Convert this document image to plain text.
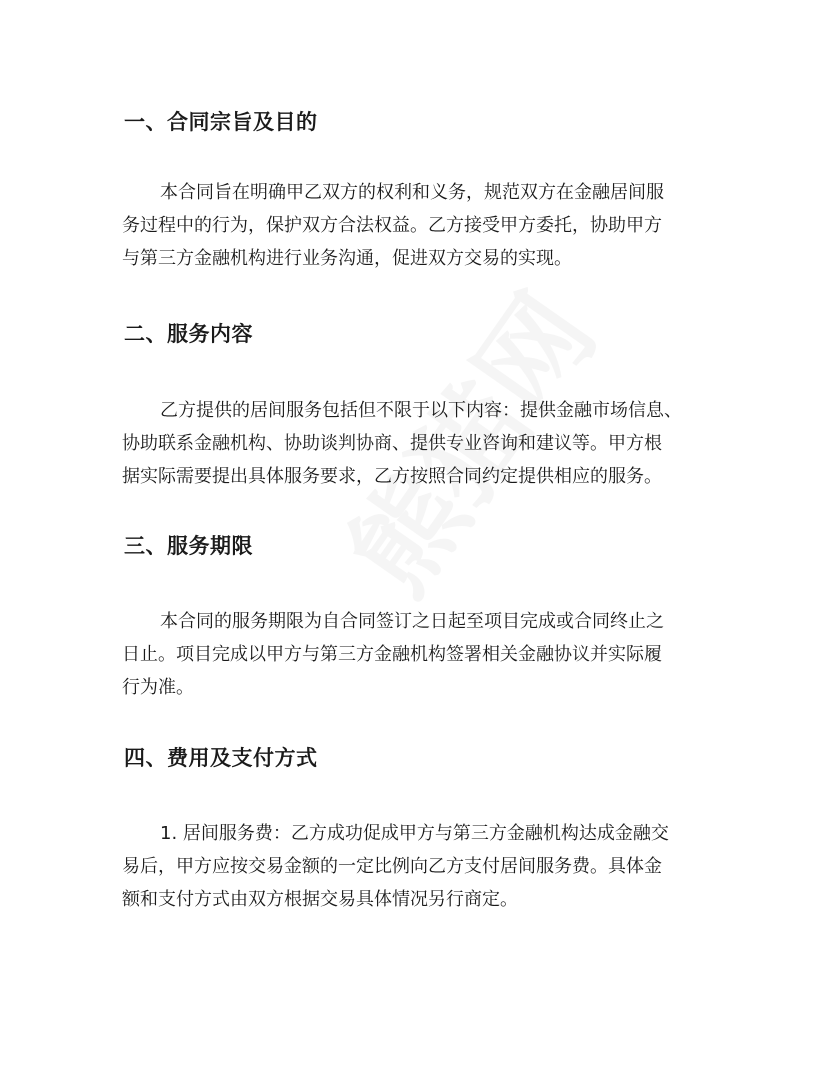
一、合同宗旨及目的
本合同旨在明确甲乙双方的权利和义务，规范双方在金融居间服
务过程中的行为，保护双方合法权益。乙方接受甲方委托，协助甲方
与第三方金融机构进行业务沟通，促进双方交易的实现。
二、服务内容
乙方提供的居间服务包括但不限于以下内容：提供金融市场信息、
协助联系金融机构、协助谈判协商、提供专业咨询和建议等。甲方根
据实际需要提出具体服务要求，乙方按照合同约定提供相应的服务。
三、服务期限
本合同的服务期限为自合同签订之日起至项目完成或合同终止之
日止。项目完成以甲方与第三方金融机构签署相关金融协议并实际履
行为准。
四、费用及支付方式
1. 居间服务费：乙方成功促成甲方与第三方金融机构达成金融交
易后，甲方应按交易金额的一定比例向乙方支付居间服务费。具体金
额和支付方式由双方根据交易具体情况另行商定。
